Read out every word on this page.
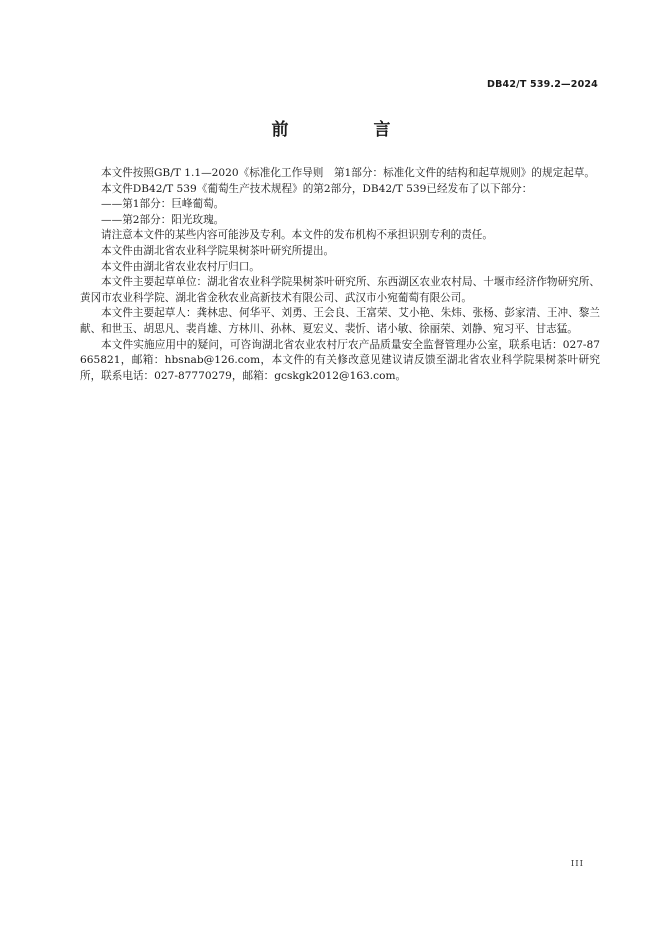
DB42/T 539.2—2024
前　言

本文件按照GB/T 1.1—2020《标准化工作导则　第1部分：标准化文件的结构和起草规则》的规定起草。

本文件DB42/T 539《葡萄生产技术规程》的第2部分，DB42/T 539已经发布了以下部分：

——第1部分：巨峰葡萄。

——第2部分：阳光玫瑰。

请注意本文件的某些内容可能涉及专利。本文件的发布机构不承担识别专利的责任。

本文件由湖北省农业科学院果树茶叶研究所提出。

本文件由湖北省农业农村厅归口。

本文件主要起草单位：湖北省农业科学院果树茶叶研究所、东西湖区农业农村局、十堰市经济作物研究所、黄冈市农业科学院、湖北省金秋农业高新技术有限公司、武汉市小宛葡萄有限公司。

本文件主要起草人：龚林忠、何华平、刘勇、王会良、王富荣、艾小艳、朱炜、张杨、彭家清、王冲、黎兰献、和世玉、胡思凡、裴肖雄、方林川、孙林、夏宏义、裴忻、诸小敏、徐丽荣、刘静、宛习平、甘志猛。

本文件实施应用中的疑问，可咨询湖北省农业农村厅农产品质量安全监督管理办公室，联系电话：027-87665821，邮箱：hbsnab@126.com，本文件的有关修改意见建议请反馈至湖北省农业科学院果树茶叶研究所，联系电话：027-87770279，邮箱：gcskgk2012@163.com。

III
